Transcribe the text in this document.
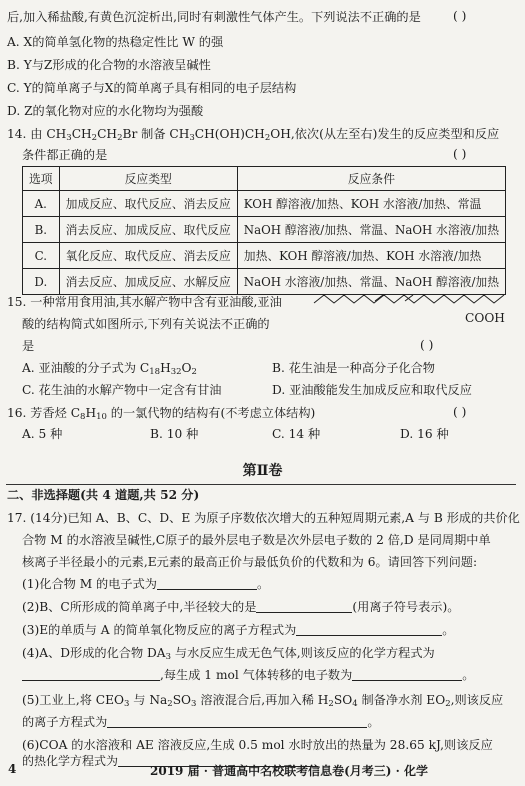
后,加入稀盐酸,有黄色沉淀析出,同时有刺激性气体产生。下列说法不正确的是	( )
A. X的简单氢化物的热稳定性比 W 的强
B. Y与Z形成的化合物的水溶液呈碱性
C. Y的简单离子与X的简单离子具有相同的电子层结构
D. Z的氧化物对应的水化物均为强酸
14. 由 $CH_3CH_2CH_2Br$ 制备 $CH_3CH(OH)CH_2OH$,依次(从左至右)发生的反应类型和反应
条件都正确的是	( )
选项	反应类型	反应条件
A.	加成反应、取代反应、消去反应	KOH 醇溶液/加热、KOH 水溶液/加热、常温
B.	消去反应、加成反应、取代反应	NaOH 醇溶液/加热、常温、NaOH 水溶液/加热
C.	氧化反应、取代反应、消去反应	加热、KOH 醇溶液/加热、KOH 水溶液/加热
D.	消去反应、加成反应、水解反应	NaOH 水溶液/加热、常温、NaOH 醇溶液/加热
15. 一种常用食用油,其水解产物中含有亚油酸,亚油
酸的结构简式如图所示,下列有关说法不正确的
是	( )
COOH
A. 亚油酸的分子式为 $C_{18}H_{32}O_2$	B. 花生油是一种高分子化合物
C. 花生油的水解产物中一定含有甘油	D. 亚油酸能发生加成反应和取代反应
16. 芳香烃 $C_8H_{10}$ 的一氯代物的结构有(不考虑立体结构)	( )
A. 5 种	B. 10 种	C. 14 种	D. 16 种
第Ⅱ卷
二、非选择题(共 4 道题,共 52 分)
17. (14分)已知 A、B、C、D、E 为原子序数依次增大的五种短周期元素,A 与 B 形成的共价化
合物 M 的水溶液呈碱性,C原子的最外层电子数是次外层电子数的 2 倍,D 是同周期中单
核离子半径最小的元素,E元素的最高正价与最低负价的代数和为 6。请回答下列问题:
(1)化合物 M 的电子式为	。
(2)B、C所形成的简单离子中,半径较大的是	(用离子符号表示)。
(3)E的单质与 A 的简单氧化物反应的离子方程式为	。
(4)A、D形成的化合物 $DA_3$ 与水反应生成无色气体,则该反应的化学方程式为
,每生成 1 mol 气体转移的电子数为	。
(5)工业上,将 $CEO_3$ 与 $Na_2SO_3$ 溶液混合后,再加入稀 $H_2SO_4$ 制备净水剂 $EO_2$,则该反应
的离子方程式为	。
(6)COA 的水溶液和 AE 溶液反应,生成 0.5 mol 水时放出的热量为 28.65 kJ,则该反应
的热化学方程式为
4	2019 届 · 普通高中名校联考信息卷(月考三) · 化学
